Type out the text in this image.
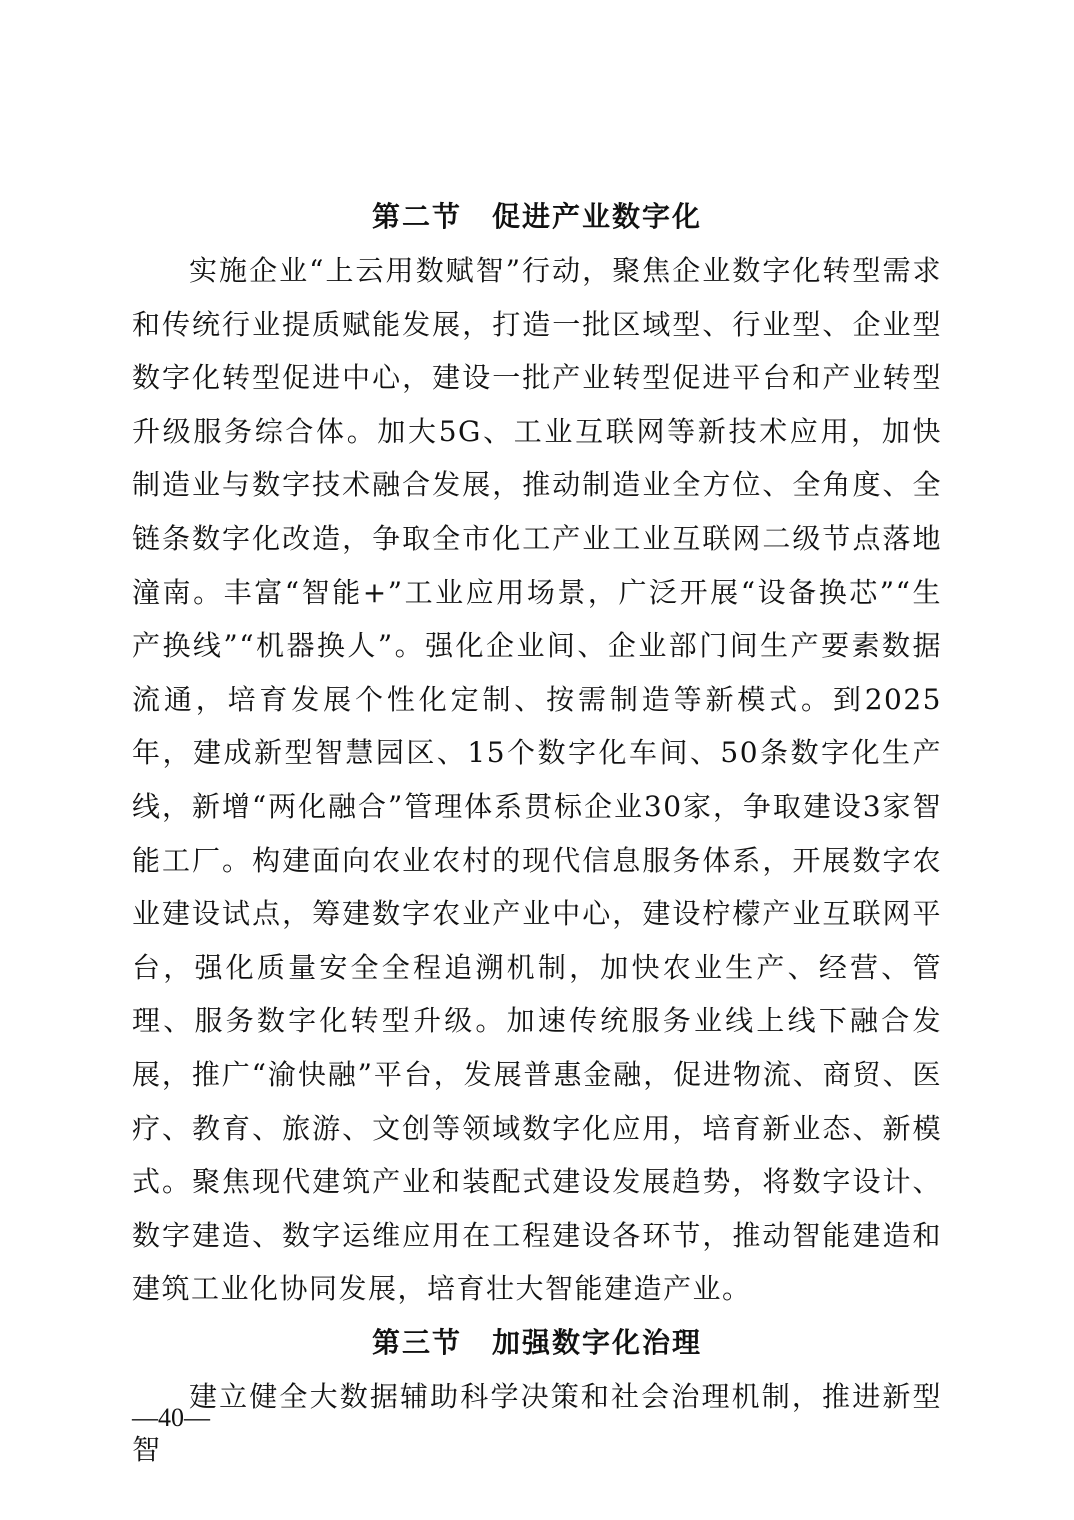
第二节　促进产业数字化

实施企业“上云用数赋智”行动，聚焦企业数字化转型需求和传统行业提质赋能发展，打造一批区域型、行业型、企业型数字化转型促进中心，建设一批产业转型促进平台和产业转型升级服务综合体。加大5G、工业互联网等新技术应用，加快制造业与数字技术融合发展，推动制造业全方位、全角度、全链条数字化改造，争取全市化工产业工业互联网二级节点落地潼南。丰富“智能+”工业应用场景，广泛开展“设备换芯”“生产换线”“机器换人”。强化企业间、企业部门间生产要素数据流通，培育发展个性化定制、按需制造等新模式。到2025年，建成新型智慧园区、15个数字化车间、50条数字化生产线，新增“两化融合”管理体系贯标企业30家，争取建设3家智能工厂。构建面向农业农村的现代信息服务体系，开展数字农业建设试点，筹建数字农业产业中心，建设柠檬产业互联网平台，强化质量安全全程追溯机制，加快农业生产、经营、管理、服务数字化转型升级。加速传统服务业线上线下融合发展，推广“渝快融”平台，发展普惠金融，促进物流、商贸、医疗、教育、旅游、文创等领域数字化应用，培育新业态、新模式。聚焦现代建筑产业和装配式建设发展趋势，将数字设计、数字建造、数字运维应用在工程建设各环节，推动智能建造和建筑工业化协同发展，培育壮大智能建造产业。

第三节　加强数字化治理

建立健全大数据辅助科学决策和社会治理机制，推进新型智

—40—
